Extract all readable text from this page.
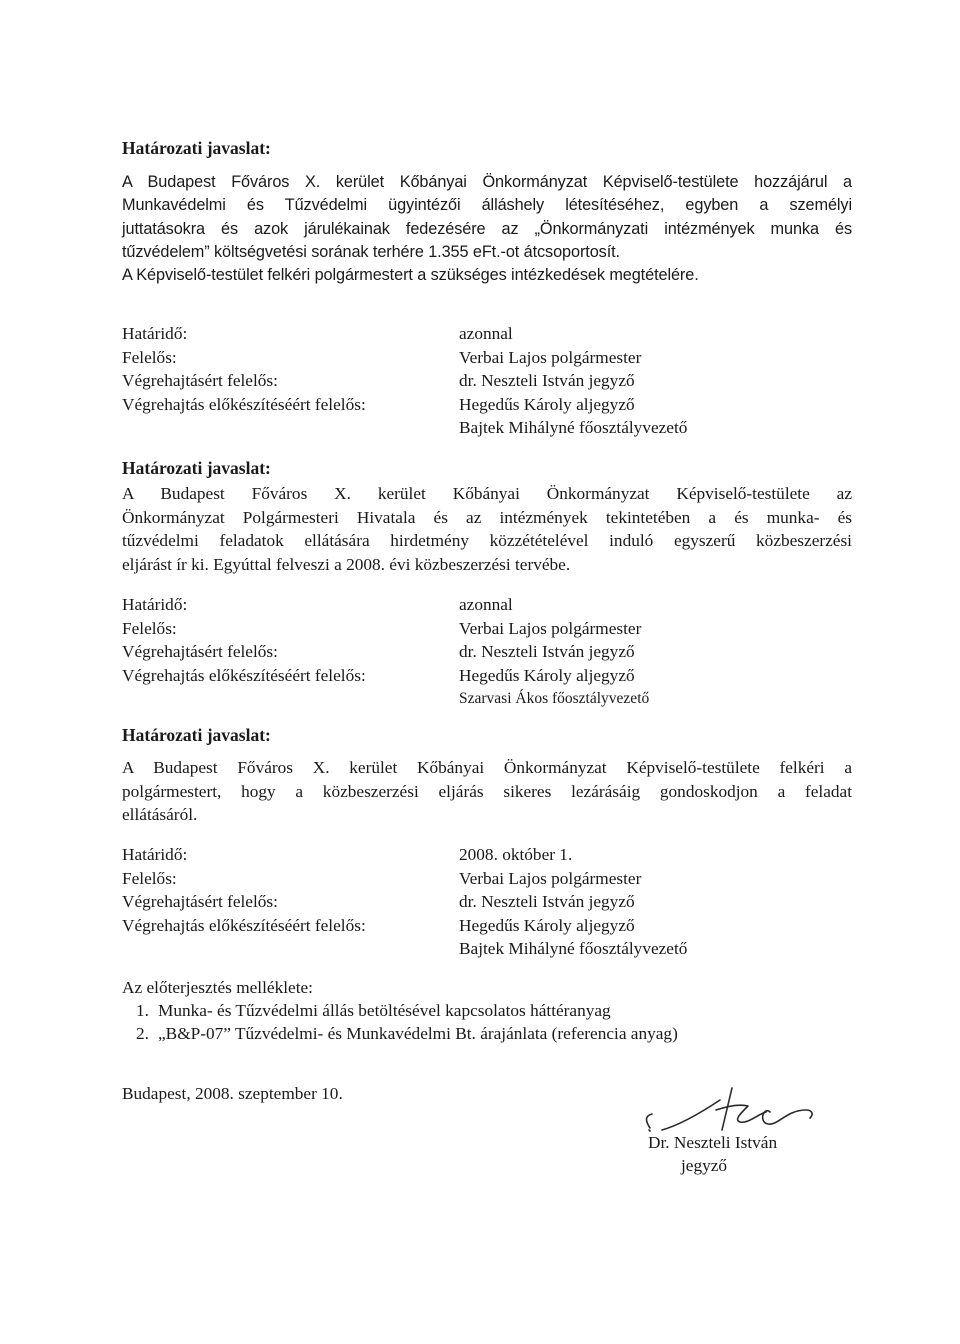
Határozati javaslat:

A Budapest Főváros X. kerület Kőbányai Önkormányzat Képviselő-testülete hozzájárul a

Munkavédelmi és Tűzvédelmi ügyintézői álláshely létesítéséhez, egyben a személyi

juttatásokra és azok járulékainak fedezésére az „Önkormányzati intézmények munka és

tűzvédelem” költségvetési sorának terhére 1.355 eFt.-ot átcsoportosít.

A Képviselő-testület felkéri polgármestert a szükséges intézkedések megtételére.

Határidő:	azonnal
Felelős:	Verbai Lajos polgármester
Végrehajtásért felelős:	dr. Neszteli István jegyző
Végrehajtás előkészítéséért felelős:	Hegedűs Károly aljegyző
Bajtek Mihályné főosztályvezető
Határozati javaslat:

A Budapest Főváros X. kerület Kőbányai Önkormányzat Képviselő-testülete az

Önkormányzat Polgármesteri Hivatala és az intézmények tekintetében a és munka- és

tűzvédelmi feladatok ellátására hirdetmény közzétételével induló egyszerű közbeszerzési

eljárást ír ki. Egyúttal felveszi a 2008. évi közbeszerzési tervébe.

Határidő:	azonnal
Felelős:	Verbai Lajos polgármester
Végrehajtásért felelős:	dr. Neszteli István jegyző
Végrehajtás előkészítéséért felelős:	Hegedűs Károly aljegyző
Szarvasi Ákos főosztályvezető
Határozati javaslat:

A Budapest Főváros X. kerület Kőbányai Önkormányzat Képviselő-testülete felkéri a

polgármestert, hogy a közbeszerzési eljárás sikeres lezárásáig gondoskodjon a feladat

ellátásáról.

Határidő:	2008. október 1.
Felelős:	Verbai Lajos polgármester
Végrehajtásért felelős:	dr. Neszteli István jegyző
Végrehajtás előkészítéséért felelős:	Hegedűs Károly aljegyző
Bajtek Mihályné főosztályvezető
Az előterjesztés melléklete:
1. Munka- és Tűzvédelmi állás betöltésével kapcsolatos háttéranyag
2. „B&P-07” Tűzvédelmi- és Munkavédelmi Bt. árajánlata (referencia anyag)
Budapest, 2008. szeptember 10.
Dr. Neszteli István
jegyző
